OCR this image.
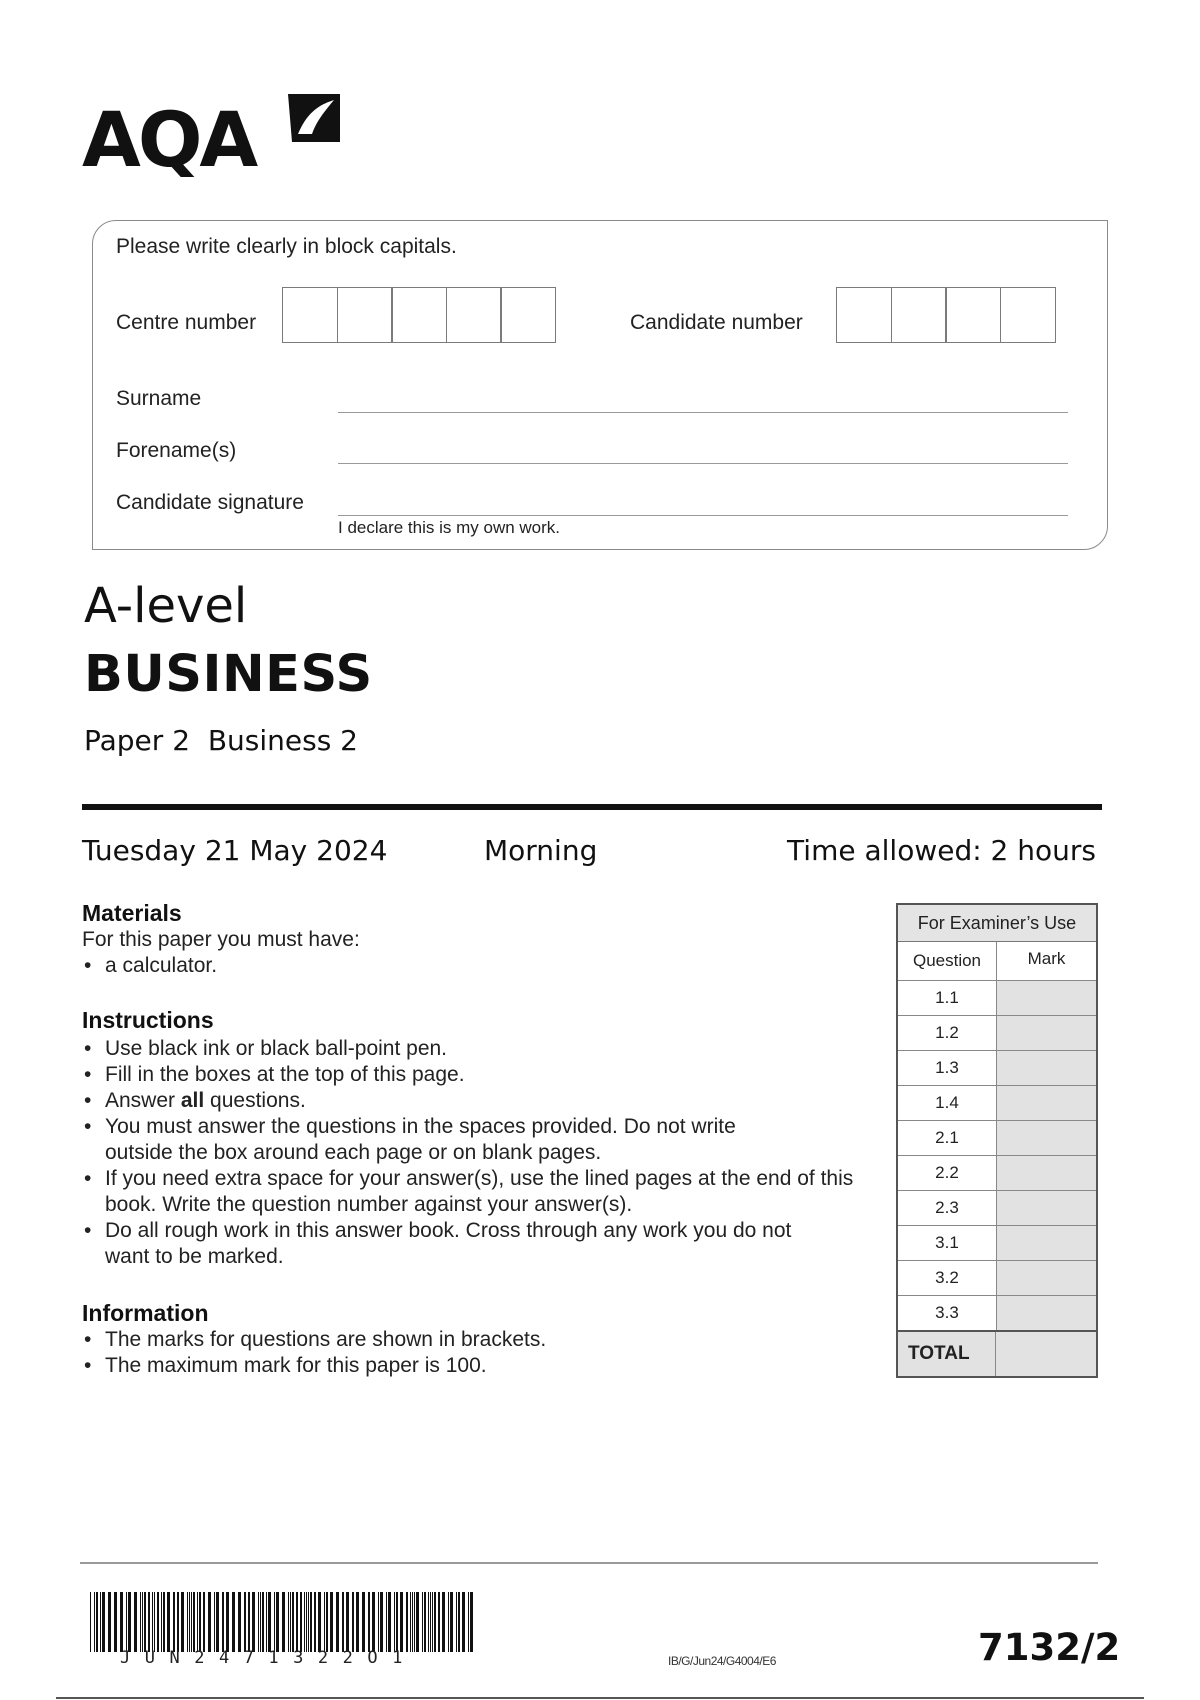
AQA
Please write clearly in block capitals.
Centre number	Candidate number
Surname
Forename(s)
Candidate signature
I declare this is my own work.
A-level
BUSINESS
Paper 2  Business 2
Tuesday 21 May 2024	Morning	Time allowed: 2 hours
Materials
For this paper you must have:
• a calculator.
Instructions
• Use black ink or black ball-point pen.
• Fill in the boxes at the top of this page.
• Answer all questions.
• You must answer the questions in the spaces provided. Do not write outside the box around each page or on blank pages.
• If you need extra space for your answer(s), use the lined pages at the end of this book. Write the question number against your answer(s).
• Do all rough work in this answer book. Cross through any work you do not want to be marked.
Information
• The marks for questions are shown in brackets.
• The maximum mark for this paper is 100.
For Examiner’s Use
Question	Mark
1.1
1.2
1.3
1.4
2.1
2.2
2.3
3.1
3.2
3.3
TOTAL
JUN2471322O1	IB/G/Jun24/G4004/E6	7132/2
